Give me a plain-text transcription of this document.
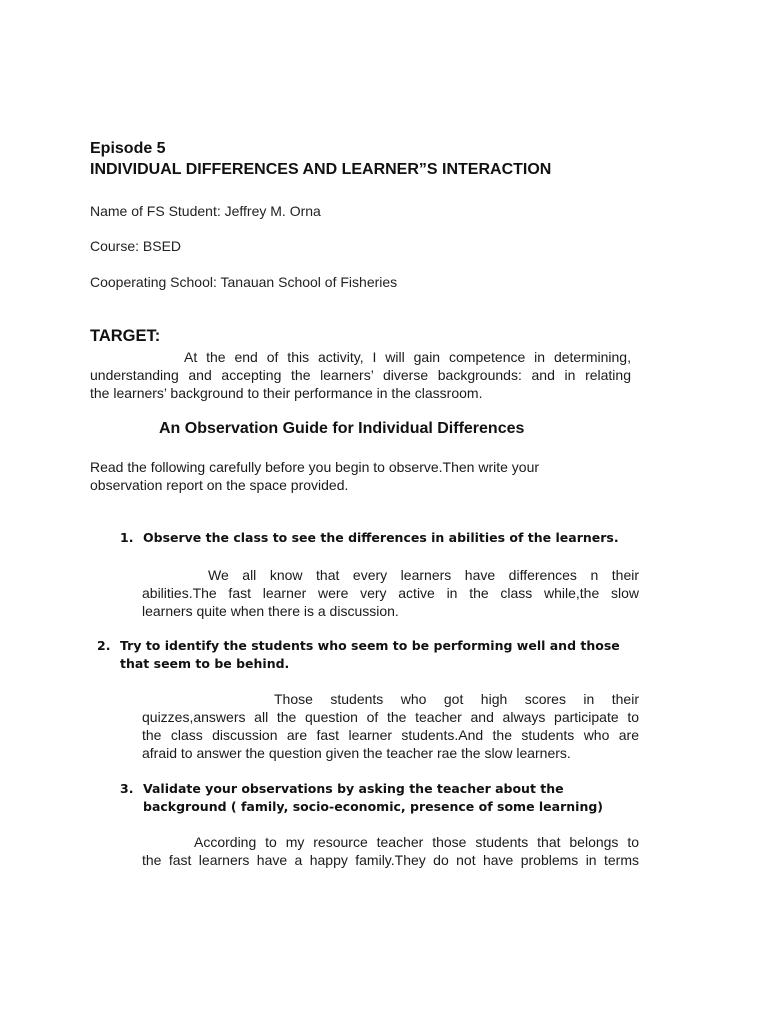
Episode 5
INDIVIDUAL DIFFERENCES AND LEARNER”S INTERACTION
Name of FS Student: Jeffrey M. Orna
Course: BSED
Cooperating School: Tanauan School of Fisheries
TARGET:
At the end of this activity, I will gain competence in determining,
understanding and accepting the learners’ diverse backgrounds: and in relating
the learners’ background to their performance in the classroom.
An Observation Guide for Individual Differences
Read the following carefully before you begin to observe.Then write your
observation report on the space provided.
1. Observe the class to see the differences in abilities of the learners.
We all know that every learners have differences n their
abilities.The fast learner were very active in the class while,the slow
learners quite when there is a discussion.
2. Try to identify the students who seem to be performing well and those
that seem to be behind.
Those students who got high scores in their
quizzes,answers all the question of the teacher and always participate to
the class discussion are fast learner students.And the students who are
afraid to answer the question given the teacher rae the slow learners.
3. Validate your observations by asking the teacher about the
background ( family, socio-economic, presence of some learning)
According to my resource teacher those students that belongs to
the fast learners have a happy family.They do not have problems in terms
